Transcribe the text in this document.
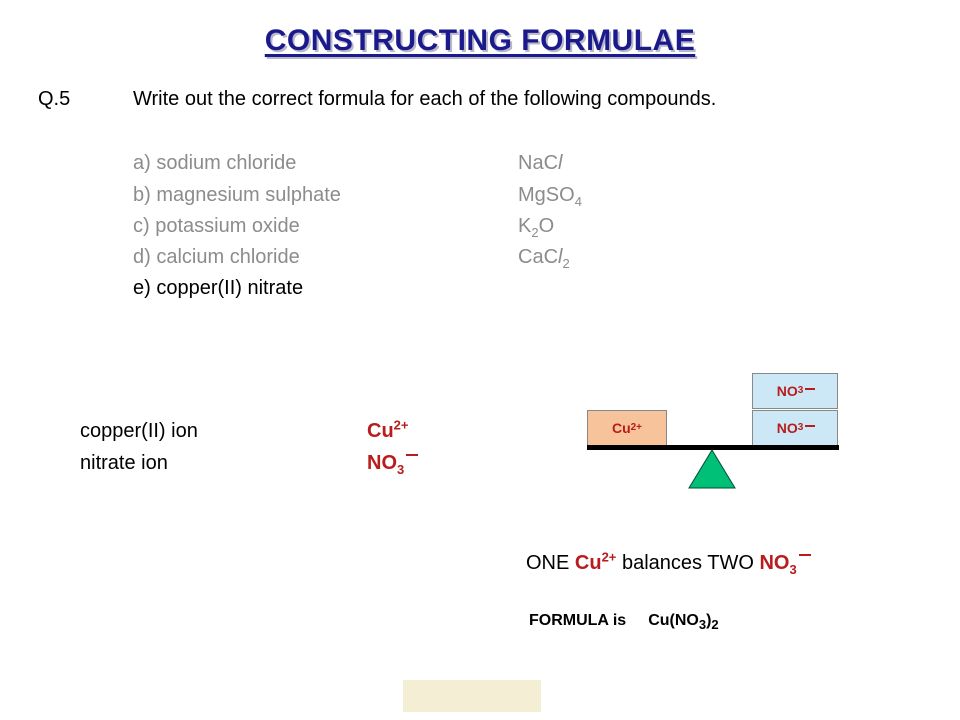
CONSTRUCTING FORMULAE
Q.5	Write out the correct formula for each of the following compounds.
a) sodium chloride	NaCl
b) magnesium sulphate	MgSO$_4$
c) potassium oxide	$K_2O$
d) calcium chloride	CaCl$_2$
e) copper(II) nitrate
copper(II) ion	$Cu^{2+}$
nitrate ion	$NO_3$
Cu 2+
NO 3

NO 3

ONE $Cu^{2+}$ balances TWO $NO_3$
FORMULA is $Cu(NO_3)_2$
